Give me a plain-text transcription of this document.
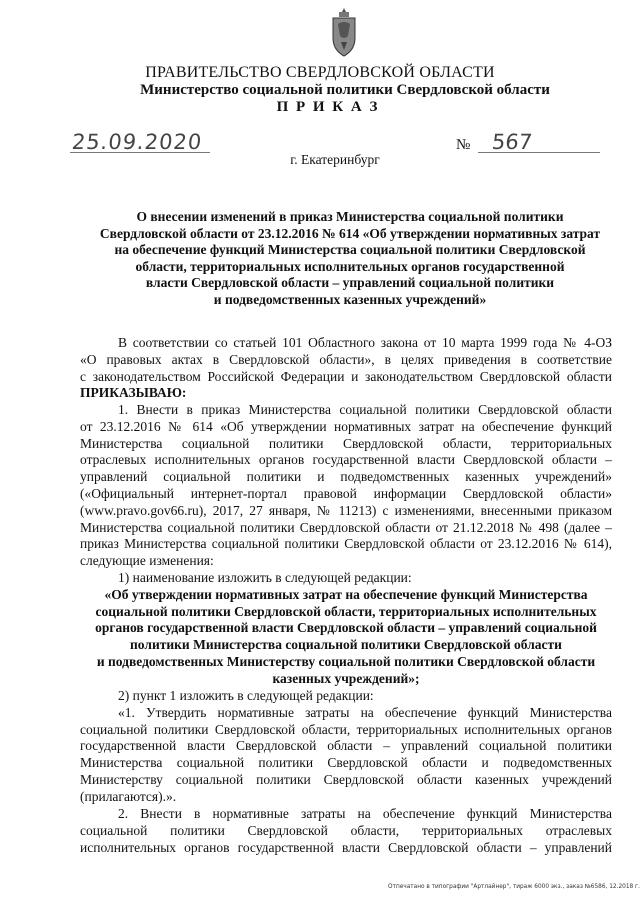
ПРАВИТЕЛЬСТВО СВЕРДЛОВСКОЙ ОБЛАСТИ
Министерство социальной политики Свердловской области
П Р И К А З
25.09.2020	№ 567
г. Екатеринбург
О внесении изменений в приказ Министерства социальной политики
Свердловской области от 23.12.2016 № 614 «Об утверждении нормативных затрат
на обеспечение функций Министерства социальной политики Свердловской
области, территориальных исполнительных органов государственной
власти Свердловской области – управлений социальной политики
и подведомственных казенных учреждений»
В соответствии со статьей 101 Областного закона от 10 марта 1999 года № 4-ОЗ
«О правовых актах в Свердловской области», в целях приведения в соответствие
с законодательством Российской Федерации и законодательством Свердловской области
ПРИКАЗЫВАЮ:
1. Внести в приказ Министерства социальной политики Свердловской области
от 23.12.2016 № 614 «Об утверждении нормативных затрат на обеспечение функций
Министерства социальной политики Свердловской области, территориальных
отраслевых исполнительных органов государственной власти Свердловской области –
управлений социальной политики и подведомственных казенных учреждений»
(«Официальный интернет-портал правовой информации Свердловской области»
(www.pravo.gov66.ru), 2017, 27 января, № 11213) с изменениями, внесенными приказом
Министерства социальной политики Свердловской области от 21.12.2018 № 498 (далее –
приказ Министерства социальной политики Свердловской области от 23.12.2016 № 614),
следующие изменения:
1) наименование изложить в следующей редакции:
«Об утверждении нормативных затрат на обеспечение функций Министерства
социальной политики Свердловской области, территориальных исполнительных
органов государственной власти Свердловской области – управлений социальной
политики Министерства социальной политики Свердловской области
и подведомственных Министерству социальной политики Свердловской области
казенных учреждений»;
2) пункт 1 изложить в следующей редакции:
«1. Утвердить нормативные затраты на обеспечение функций Министерства
социальной политики Свердловской области, территориальных исполнительных органов
государственной власти Свердловской области – управлений социальной политики
Министерства социальной политики Свердловской области и подведомственных
Министерству социальной политики Свердловской области казенных учреждений
(прилагаются).».
2. Внести в нормативные затраты на обеспечение функций Министерства
социальной политики Свердловской области, территориальных отраслевых
исполнительных органов государственной власти Свердловской области – управлений
Отпечатано в типографии "Артлайнер", тираж 6000 экз., заказ №6586, 12.2018 г.
